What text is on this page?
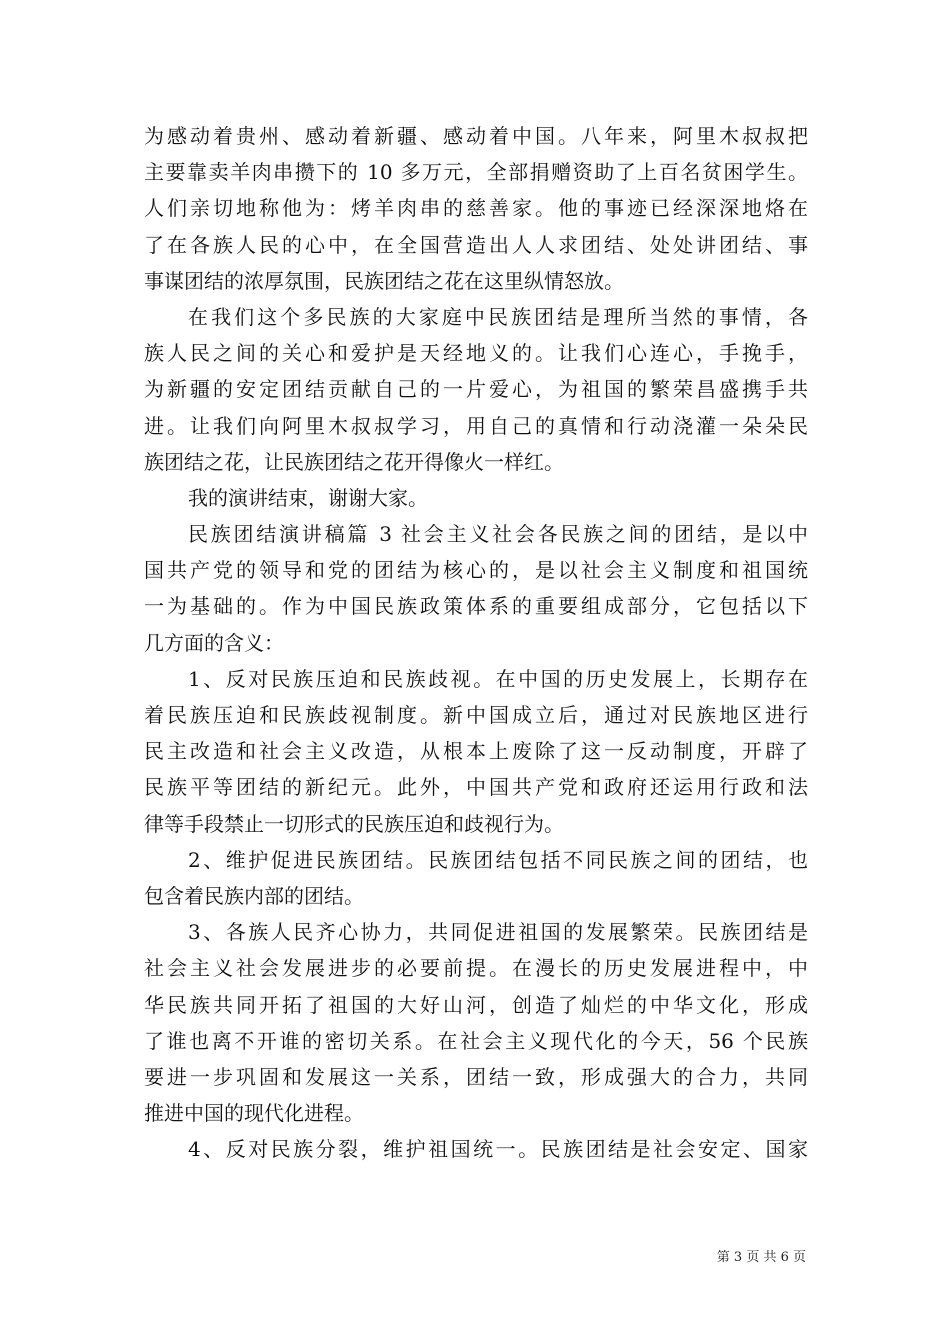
为感动着贵州、感动着新疆、感动着中国。八年来，阿里木叔叔把
主要靠卖羊肉串攒下的 10 多万元，全部捐赠资助了上百名贫困学生。
人们亲切地称他为：烤羊肉串的慈善家。他的事迹已经深深地烙在
了在各族人民的心中，在全国营造出人人求团结、处处讲团结、事
事谋团结的浓厚氛围，民族团结之花在这里纵情怒放。
在我们这个多民族的大家庭中民族团结是理所当然的事情，各
族人民之间的关心和爱护是天经地义的。让我们心连心，手挽手，
为新疆的安定团结贡献自己的一片爱心，为祖国的繁荣昌盛携手共
进。让我们向阿里木叔叔学习，用自己的真情和行动浇灌一朵朵民
族团结之花，让民族团结之花开得像火一样红。
我的演讲结束，谢谢大家。
民族团结演讲稿篇 3 社会主义社会各民族之间的团结，是以中
国共产党的领导和党的团结为核心的，是以社会主义制度和祖国统
一为基础的。作为中国民族政策体系的重要组成部分，它包括以下
几方面的含义：
1、反对民族压迫和民族歧视。在中国的历史发展上，长期存在
着民族压迫和民族歧视制度。新中国成立后，通过对民族地区进行
民主改造和社会主义改造，从根本上废除了这一反动制度，开辟了
民族平等团结的新纪元。此外，中国共产党和政府还运用行政和法
律等手段禁止一切形式的民族压迫和歧视行为。
2、维护促进民族团结。民族团结包括不同民族之间的团结，也
包含着民族内部的团结。
3、各族人民齐心协力，共同促进祖国的发展繁荣。民族团结是
社会主义社会发展进步的必要前提。在漫长的历史发展进程中，中
华民族共同开拓了祖国的大好山河，创造了灿烂的中华文化，形成
了谁也离不开谁的密切关系。在社会主义现代化的今天，56 个民族
要进一步巩固和发展这一关系，团结一致，形成强大的合力，共同
推进中国的现代化进程。
4、反对民族分裂，维护祖国统一。民族团结是社会安定、国家
第 3 页 共 6 页
